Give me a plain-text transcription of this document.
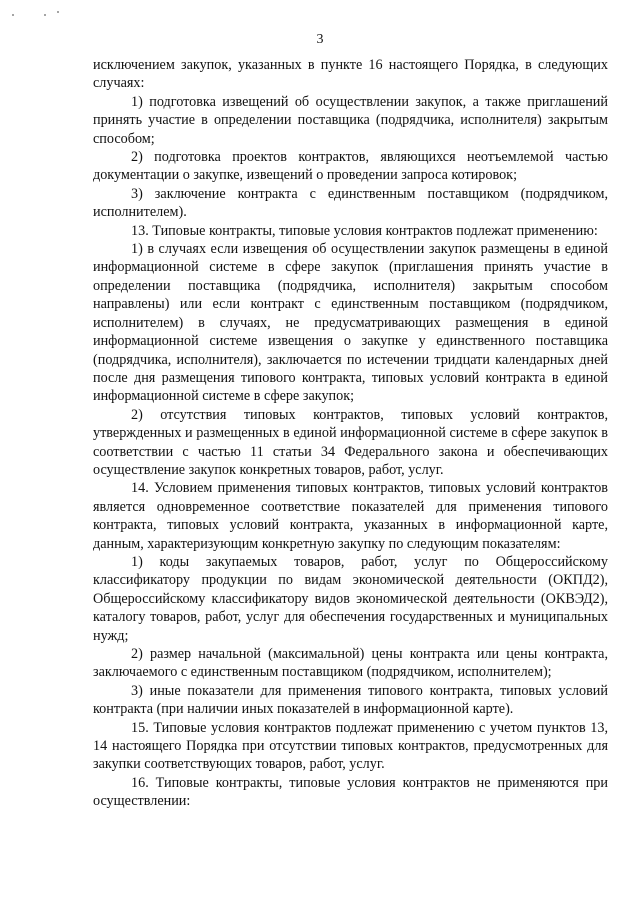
3

исключением закупок, указанных в пункте 16 настоящего Порядка, в следующих случаях:

1) подготовка извещений об осуществлении закупок, а также приглашений принять участие в определении поставщика (подрядчика, исполнителя) закрытым способом;

2) подготовка проектов контрактов, являющихся неотъемлемой частью документации о закупке, извещений о проведении запроса котировок;

3) заключение контракта с единственным поставщиком (подрядчиком, исполнителем).

13. Типовые контракты, типовые условия контрактов подлежат применению:

1) в случаях если извещения об осуществлении закупок размещены в единой информационной системе в сфере закупок (приглашения принять участие в определении поставщика (подрядчика, исполнителя) закрытым способом направлены) или если контракт с единственным поставщиком (подрядчиком, исполнителем) в случаях, не предусматривающих размещения в единой информационной системе извещения о закупке у единственного поставщика (подрядчика, исполнителя), заключается по истечении тридцати календарных дней после дня размещения типового контракта, типовых условий контракта в единой информационной системе в сфере закупок;

2) отсутствия типовых контрактов, типовых условий контрактов, утвержденных и размещенных в единой информационной системе в сфере закупок в соответствии с частью 11 статьи 34 Федерального закона и обеспечивающих осуществление закупок конкретных товаров, работ, услуг.

14. Условием применения типовых контрактов, типовых условий контрактов является одновременное соответствие показателей для применения типового контракта, типовых условий контракта, указанных в информационной карте, данным, характеризующим конкретную закупку по следующим показателям:

1) коды закупаемых товаров, работ, услуг по Общероссийскому классификатору продукции по видам экономической деятельности (ОКПД2), Общероссийскому классификатору видов экономической деятельности (ОКВЭД2), каталогу товаров, работ, услуг для обеспечения государственных и муниципальных нужд;

2) размер начальной (максимальной) цены контракта или цены контракта, заключаемого с единственным поставщиком (подрядчиком, исполнителем);

3) иные показатели для применения типового контракта, типовых условий контракта (при наличии иных показателей в информационной карте).

15. Типовые условия контрактов подлежат применению с учетом пунктов 13, 14 настоящего Порядка при отсутствии типовых контрактов, предусмотренных для закупки соответствующих товаров, работ, услуг.

16. Типовые контракты, типовые условия контрактов не применяются при осуществлении:
